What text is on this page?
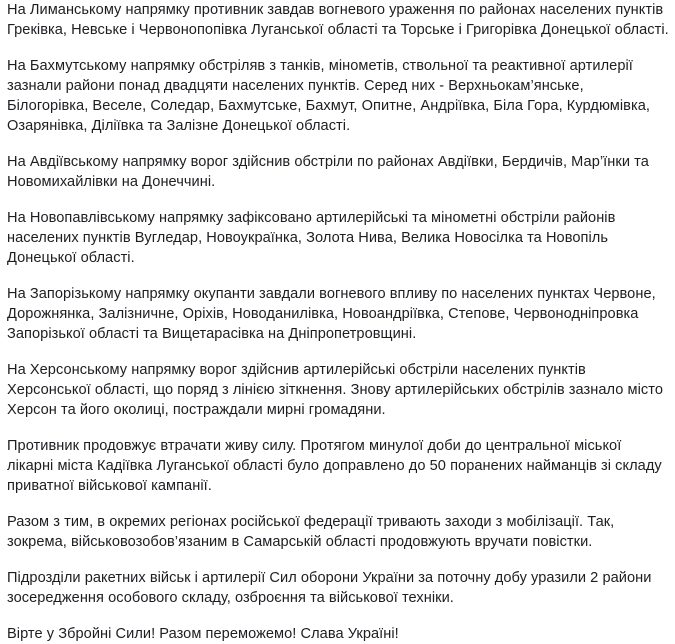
На Лиманському напрямку противник завдав вогневого ураження по районах населених пунктів Греківка, Невське і Червонопопівка Луганської області та Торське і Григорівка Донецької області.

На Бахмутському напрямку обстріляв з танків, мінометів, ствольної та реактивної артилерії зазнали райони понад двадцяти населених пунктів. Серед них - Верхньокам’янське, Білогорівка, Веселе, Соледар, Бахмутське, Бахмут, Опитне, Андріївка, Біла Гора, Курдюмівка, Озарянівка, Діліївка та Залізне Донецької області.

На Авдіївському напрямку ворог здійснив обстріли по районах Авдіївки, Бердичів, Мар’їнки та Новомихайлівки на Донеччині.

На Новопавлівському напрямку зафіксовано артилерійські та мінометні обстріли районів населених пунктів Вугледар, Новоукраїнка, Золота Нива, Велика Новосілка та Новопіль Донецької області.

На Запорізькому напрямку окупанти завдали вогневого впливу по населених пунктах Червоне, Дорожнянка, Залізничне, Оріхів, Новоданилівка, Новоандріївка, Степове, Червонодніпровка Запорізької області та Вищетарасівка на Дніпропетровщині.

На Херсонському напрямку ворог здійснив артилерійські обстріли населених пунктів Херсонської області, що поряд з лінією зіткнення. Знову артилерійських обстрілів зазнало місто Херсон та його околиці, постраждали мирні громадяни.

Противник продовжує втрачати живу силу. Протягом минулої доби до центральної міської лікарні міста Кадіївка Луганської області було доправлено до 50 поранених найманців зі складу приватної військової кампанії.

Разом з тим, в окремих регіонах російської федерації тривають заходи з мобілізації. Так, зокрема, військовозобов’язаним в Самарській області продовжують вручати повістки.

Підрозділи ракетних військ і артилерії Сил оборони України за поточну добу уразили 2 райони зосередження особового складу, озброєння та військової техніки.

Вірте у Збройні Сили! Разом переможемо! Слава Україні!
